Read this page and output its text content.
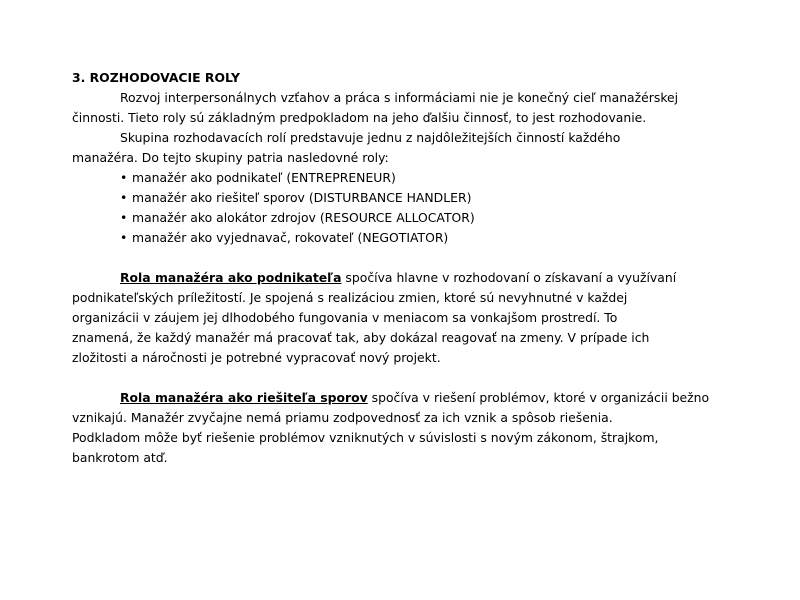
3. ROZHODOVACIE ROLY
Rozvoj interpersonálnych vzťahov a práca s informáciami nie je konečný cieľ manažérskej
činnosti. Tieto roly sú základným predpokladom na jeho ďalšiu činnosť, to jest rozhodovanie.
Skupina rozhodavacích rolí predstavuje jednu z najdôležitejších činností každého
manažéra. Do tejto skupiny patria nasledovné roly:
• manažér ako podnikateľ (ENTREPRENEUR)
• manažér ako riešiteľ sporov (DISTURBANCE HANDLER)
• manažér ako alokátor zdrojov (RESOURCE ALLOCATOR)
• manažér ako vyjednavač, rokovateľ (NEGOTIATOR)
Rola manažéra ako podnikateľa spočíva hlavne v rozhodovaní o získavaní a využívaní
podnikateľských príležitostí. Je spojená s realizáciou zmien, ktoré sú nevyhnutné v každej
organizácii v záujem jej dlhodobého fungovania v meniacom sa vonkajšom prostredí. To
znamená, že každý manažér má pracovať tak, aby dokázal reagovať na zmeny. V prípade ich
zložitosti a náročnosti je potrebné vypracovať nový projekt.
Rola manažéra ako riešiteľa sporov spočíva v riešení problémov, ktoré v organizácii bežno
vznikajú. Manažér zvyčajne nemá priamu zodpovednosť za ich vznik a spôsob riešenia.
Podkladom môže byť riešenie problémov vzniknutých v súvislosti s novým zákonom, štrajkom,
bankrotom atď.
